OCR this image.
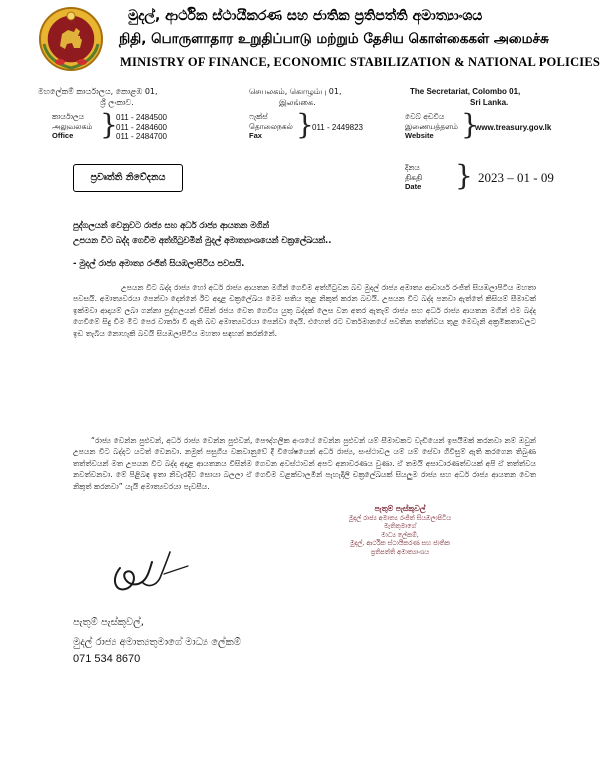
මුදල්, ආර්ථික ස්ථායීකරණ සහ ජාතික ප්‍රතිපත්ති අමාත්‍යාංශය
நிதி, பொருளாதார உறுதிப்பாடு மற்றும் தேசிய கொள்கைகள் அமைச்சு
MINISTRY OF FINANCE, ECONOMIC STABILIZATION & NATIONAL POLICIES
මහලේකම් කාර්යාලය, කොළඹ 01,
ශ්‍රී ලංකාව.
செயலகம், கொழும்பு 01,
இலங்கை.
The Secretariat, Colombo 01,
Sri Lanka.
කාර්යාලය
அலுவலகம்
Office }
011 - 2484500
011 - 2484600
011 - 2484700
ෆැක්ස්
தொலைநகல்
Fax	}
011 - 2449823
වෙබ් අඩවිය
இணையத்தளம்
Website }
www.treasury.gov.lk
ප්‍රවෘත්ති නිවේදනය
දිනය
திகதி
Date } 2023 – 01 - 09
පුද්ගලයන් වෙනුවට රාජ්‍ය සහ අර්ධ රාජ්‍ය ආයතන මගින්
උපයන විට බද්ද ගෙවීම අත්හිටුවමින් මුදල් අමාත්‍යාංශයෙන් චක්‍රලේඛයක්..
- මුදල් රාජ්‍ය අමාත්‍ය රංජිත් සියඹලාපිටිය පවසයි.
උපයන විට බද්ද රාජ්‍ය හෝ අර්ධ රාජ්‍ය ආයතන මගින් ගෙවීම අත්හිටුවන බව මුදල් රාජ්‍ය අමාත්‍ය ආචාර්ය රංජිත් සියඹලාපිටිය මහතා පවසයි. අමාත්‍යවරයා පෙන්වා දෙන්නේ ඊට අදාළ චක්‍රලේඛය මෙම සතිය තුළ නිකුත් කරන බවයි. උපයන විට බද්ද පනවා ඇත්තේ කිසියම් සීමාවක් ඉක්මවා ආදායම් ලබා ගන්නා පුද්ගලයන් විසින් රජය වෙත ගෙවිය යුතු බද්දක් ලෙස වන අතර ඇතැම් රාජ්‍ය සහ අර්ධ රාජ්‍ය ආයතන මගින් එම බද්ද ගෙවීමේ සිදු වීම මීට පෙර වාර්තා වී ඇති බව අමාත්‍යවරයා පෙන්වා දෙයි. එහෙත් රට වර්තමානයේ පවතින තත්ත්වය තුළ මෙවැනි අක්‍රමිකතාවලට ඉඩ තැබිය නොහැකි බවයි සියඹලාපිටිය මහතා සඳහන් කරන්නේ.
“රාජ්‍ය වෙන්න පුළුවන්, අර්ධ රාජ්‍ය වෙන්න පුළුවන්, පෞද්ගලික අංශයේ වෙන්න පුළුවන් යම් සීමාවකට වැඩියෙන් ඉපයීමක් කරනවා නම් ඔවුන් උපයන විට බද්දට යටත් වෙනවා. නමුත් පසුගිය වකවානුවේ දී විශේෂයෙන් අර්ධ රාජ්‍ය, සංස්ථාවල යම් යම් සේවා ගිවිසුම් ඇති කරගෙන තිබුණ තත්ත්වයන් මත උපයන විට බද්ද අදාළ ආයතනය විසින්ම ගෙවන අවස්ථාවන් අපට අනාවරණය වුණා. ඒ තමයි අසාධාරණත්වයක් අපි ඒ තත්ත්වය නවත්වනවා. මේ පිළිබඳ ඉතා නිවැරදිව සොයා බලලා ඒ ගෙවීම වළක්වාලමින් පැහැදිලි චක්‍රලේඛයක් සියලුම රාජ්‍ය සහ අර්ධ රාජ්‍ය ආයතන වෙත නිකුත් කරනවා” යැයි අමාත්‍යවරයා පැවසීය.
පැතුම් පැස්කුවල්
මුදල් රාජ්‍ය අමාත්‍ය රංජිත් සියඹලාපිටිය
මැතිතුමාගේ
මාධ්‍ය ලේකම්,
මුදල්, ආර්ථික ස්ථායීකරණ සහ ජාතික
ප්‍රතිපත්ති අමාත්‍යාංශය
පැතුම් පැස්කුවල්,
මුදල් රාජ්‍ය අමාත්‍යතුමාගේ මාධ්‍ය ලේකම්
071 534 8670
